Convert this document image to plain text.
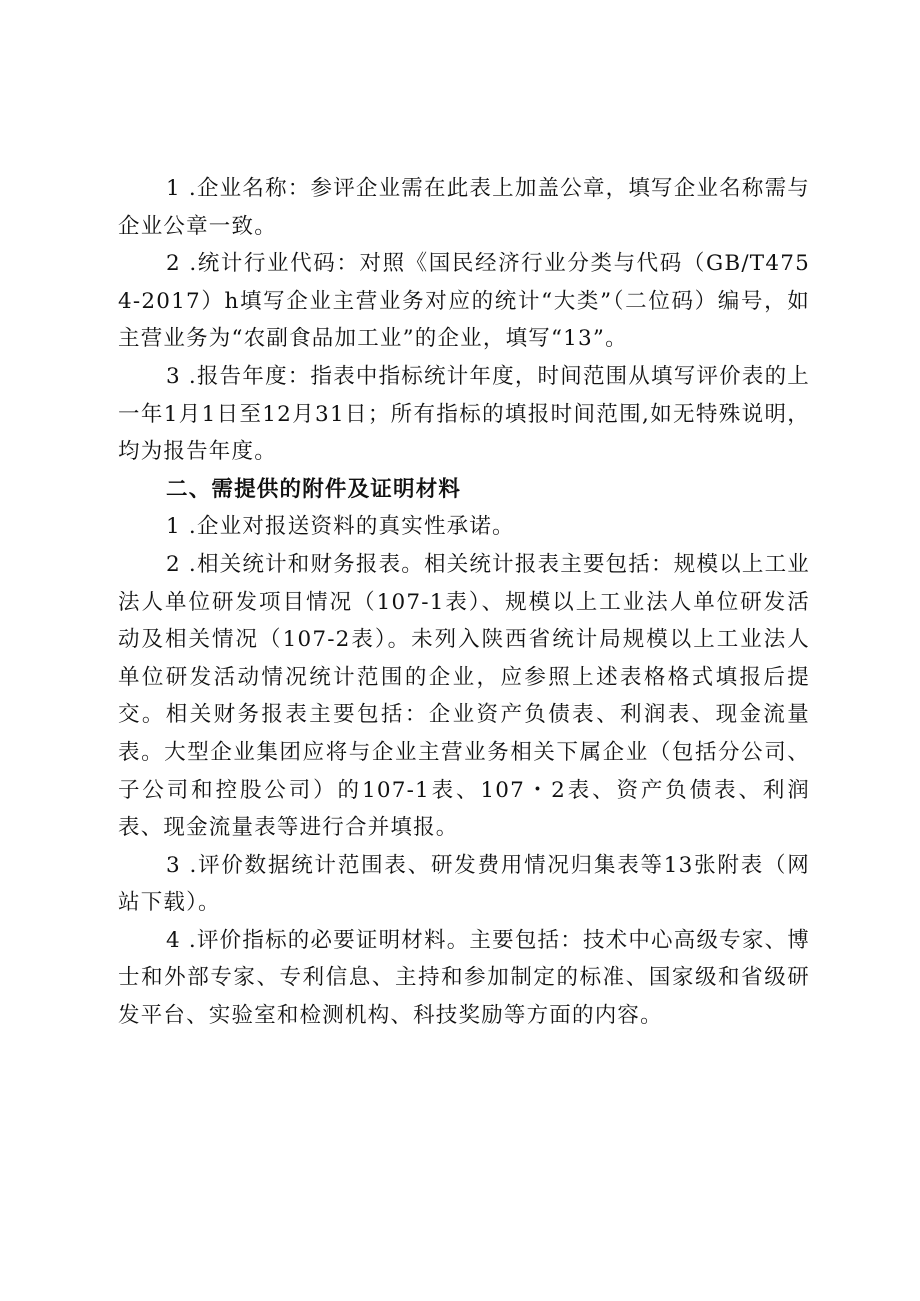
1 .企业名称：参评企业需在此表上加盖公章，填写企业名称需与企业公章一致。

2 .统计行业代码：对照《国民经济行业分类与代码（GB∕T4754-2017）h填写企业主营业务对应的统计“大类”（二位码）编号，如主营业务为“农副食品加工业”的企业，填写“13”。

3 .报告年度：指表中指标统计年度，时间范围从填写评价表的上一年1月1日至12月31日；所有指标的填报时间范围,如无特殊说明，均为报告年度。

二、需提供的附件及证明材料

1 .企业对报送资料的真实性承诺。

2 .相关统计和财务报表。相关统计报表主要包括：规模以上工业法人单位研发项目情况（107-1表）、规模以上工业法人单位研发活动及相关情况（107-2表）。未列入陕西省统计局规模以上工业法人单位研发活动情况统计范围的企业，应参照上述表格格式填报后提交。相关财务报表主要包括：企业资产负债表、利润表、现金流量表。大型企业集团应将与企业主营业务相关下属企业（包括分公司、子公司和控股公司）的107-1表、107・2表、资产负债表、利润表、现金流量表等进行合并填报。

3 .评价数据统计范围表、研发费用情况归集表等13张附表（网站下载）。

4 .评价指标的必要证明材料。主要包括：技术中心高级专家、博士和外部专家、专利信息、主持和参加制定的标准、国家级和省级研发平台、实验室和检测机构、科技奖励等方面的内容。
